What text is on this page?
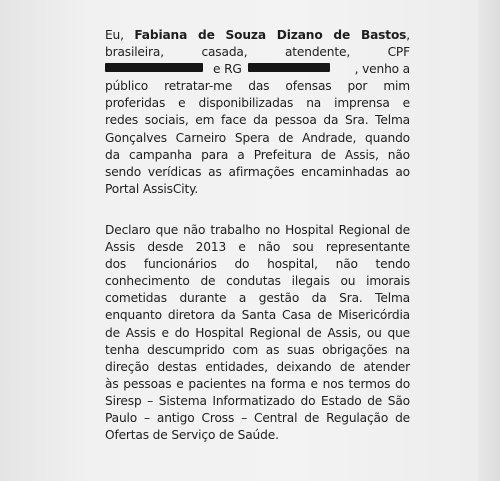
Eu, Fabiana de Souza Dizano de Bastos,
brasileira,	casada,	atendente,	CPF
e RG	, venho a
público retratar-me das ofensas por mim
proferidas e disponibilizadas na imprensa e
redes sociais, em face da pessoa da Sra. Telma
Gonçalves Carneiro Spera de Andrade, quando
da campanha para a Prefeitura de Assis, não
sendo verídicas as afirmações encaminhadas ao
Portal AssisCity.
Declaro que não trabalho no Hospital Regional de
Assis desde 2013 e não sou representante
dos funcionários do hospital, não tendo
conhecimento de condutas ilegais ou imorais
cometidas durante a gestão da Sra. Telma
enquanto diretora da Santa Casa de Misericórdia
de Assis e do Hospital Regional de Assis, ou que
tenha descumprido com as suas obrigações na
direção destas entidades, deixando de atender
às pessoas e pacientes na forma e nos termos do
Siresp – Sistema Informatizado do Estado de São
Paulo – antigo Cross – Central de Regulação de
Ofertas de Serviço de Saúde.
